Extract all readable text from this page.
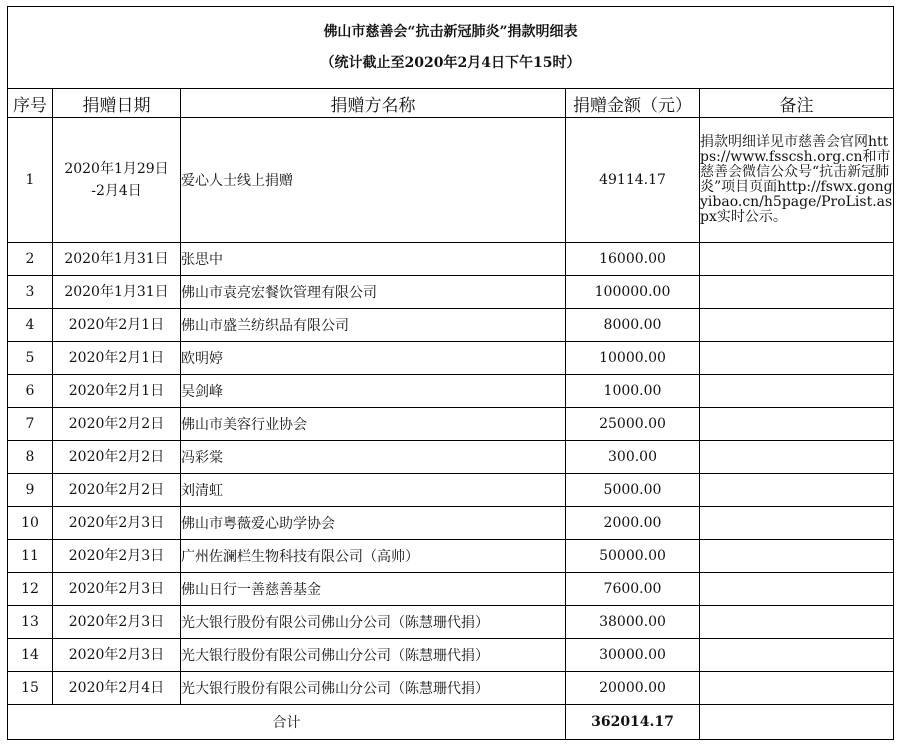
佛山市慈善会“抗击新冠肺炎”捐款明细表
（统计截止至2020年2月4日下午15时）				

序号	捐赠日期	捐赠方名称	捐赠金额（元）	备注
1	2020年1月29日
-2月4日	爱心人士线上捐赠	49114.17	捐款明细详见市慈善会官网https://www.fsscsh.org.cn和市慈善会微信公众号“抗击新冠肺炎”项目页面http://fswx.gongyibao.cn/h5page/ProList.aspx实时公示。
2	2020年1月31日	张思中	16000.00	
3	2020年1月31日	佛山市袁亮宏餐饮管理有限公司	100000.00	
4	2020年2月1日	佛山市盛兰纺织品有限公司	8000.00	
5	2020年2月1日	欧明婷	10000.00	
6	2020年2月1日	吴剑峰	1000.00	
7	2020年2月2日	佛山市美容行业协会	25000.00	
8	2020年2月2日	冯彩棠	300.00	
9	2020年2月2日	刘清虹	5000.00	
10	2020年2月3日	佛山市粤薇爱心助学协会	2000.00	
11	2020年2月3日	广州佐澜栏生物科技有限公司（高帅）	50000.00	
12	2020年2月3日	佛山日行一善慈善基金	7600.00	
13	2020年2月3日	光大银行股份有限公司佛山分公司（陈慧珊代捐）	38000.00	
14	2020年2月3日	光大银行股份有限公司佛山分公司（陈慧珊代捐）	30000.00	
15	2020年2月4日	光大银行股份有限公司佛山分公司（陈慧珊代捐）	20000.00	
合计			362014.17	
